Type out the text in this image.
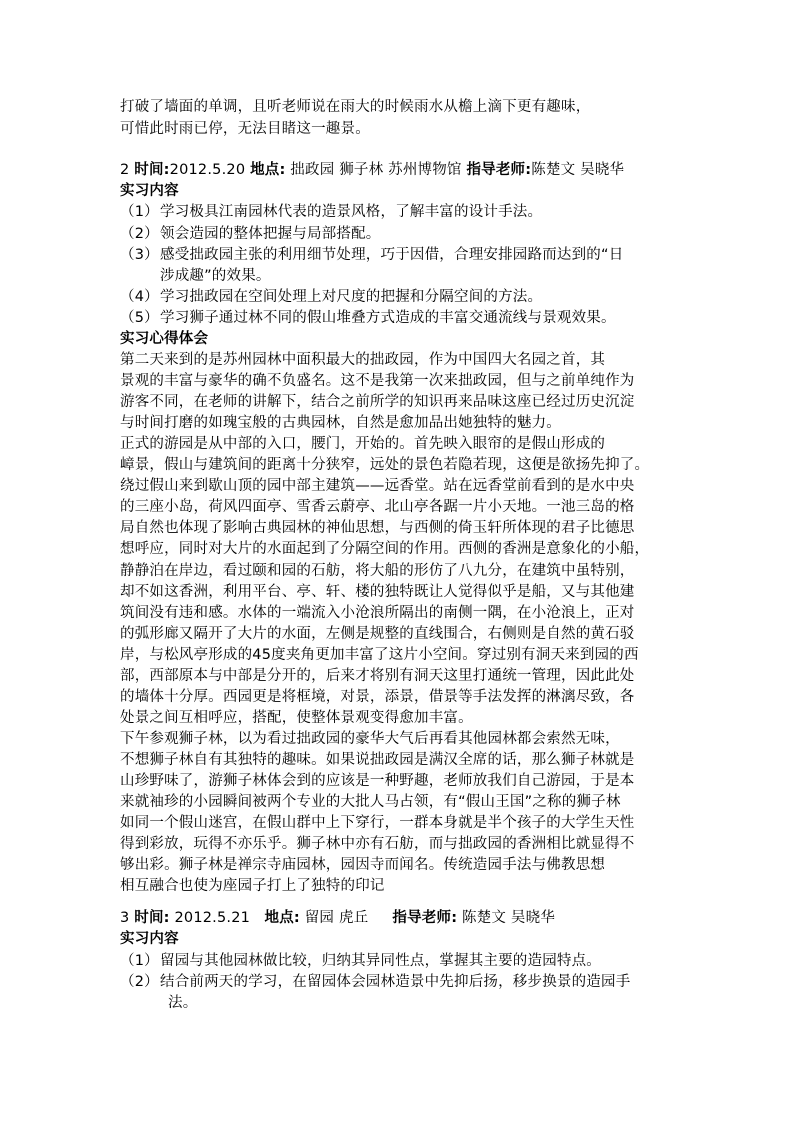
打破了墙面的单调，且听老师说在雨大的时候雨水从檐上滴下更有趣味，
可惜此时雨已停，无法目睹这一趣景。
2 时间:2012.5.20 地点: 拙政园 狮子林 苏州博物馆 指导老师:陈楚文 吴晓华
实习内容
（1）学习极具江南园林代表的造景风格，了解丰富的设计手法。
（2）领会造园的整体把握与局部搭配。
（3）感受拙政园主张的利用细节处理，巧于因借，合理安排园路而达到的“日
涉成趣”的效果。
（4）学习拙政园在空间处理上对尺度的把握和分隔空间的方法。
（5）学习狮子通过林不同的假山堆叠方式造成的丰富交通流线与景观效果。
实习心得体会
第二天来到的是苏州园林中面积最大的拙政园，作为中国四大名园之首，其
景观的丰富与豪华的确不负盛名。这不是我第一次来拙政园，但与之前单纯作为
游客不同，在老师的讲解下，结合之前所学的知识再来品味这座已经过历史沉淀
与时间打磨的如瑰宝般的古典园林，自然是愈加品出她独特的魅力。
正式的游园是从中部的入口，腰门，开始的。首先映入眼帘的是假山形成的
嶂景，假山与建筑间的距离十分狭窄，远处的景色若隐若现，这便是欲扬先抑了。
绕过假山来到歇山顶的园中部主建筑——远香堂。站在远香堂前看到的是水中央
的三座小岛，荷风四面亭、雪香云蔚亭、北山亭各踞一片小天地。一池三岛的格
局自然也体现了影响古典园林的神仙思想，与西侧的倚玉轩所体现的君子比德思
想呼应，同时对大片的水面起到了分隔空间的作用。西侧的香洲是意象化的小船，
静静泊在岸边，看过颐和园的石舫，将大船的形仿了八九分，在建筑中虽特别，
却不如这香洲，利用平台、亭、轩、楼的独特既让人觉得似乎是船，又与其他建
筑间没有违和感。水体的一端流入小沧浪所隔出的南侧一隅，在小沧浪上，正对
的弧形廊又隔开了大片的水面，左侧是规整的直线围合，右侧则是自然的黄石驳
岸，与松风亭形成的45度夹角更加丰富了这片小空间。穿过别有洞天来到园的西
部，西部原本与中部是分开的，后来才将别有洞天这里打通统一管理，因此此处
的墙体十分厚。西园更是将框境，对景，添景，借景等手法发挥的淋漓尽致，各
处景之间互相呼应，搭配，使整体景观变得愈加丰富。
下午参观狮子林，以为看过拙政园的豪华大气后再看其他园林都会索然无味，
不想狮子林自有其独特的趣味。如果说拙政园是满汉全席的话，那么狮子林就是
山珍野味了，游狮子林体会到的应该是一种野趣，老师放我们自己游园，于是本
来就袖珍的小园瞬间被两个专业的大批人马占领，有“假山王国”之称的狮子林
如同一个假山迷宫，在假山群中上下穿行，一群本身就是半个孩子的大学生天性
得到彩放，玩得不亦乐乎。狮子林中亦有石舫，而与拙政园的香洲相比就显得不
够出彩。狮子林是禅宗寺庙园林，园因寺而闻名。传统造园手法与佛教思想
相互融合也使为座园子打上了独特的印记
3 时间: 2012.5.21 地点: 留园 虎丘 指导老师: 陈楚文 吴晓华
实习内容
（1）留园与其他园林做比较，归纳其异同性点，掌握其主要的造园特点。
（2）结合前两天的学习，在留园体会园林造景中先抑后扬，移步换景的造园手
法。
